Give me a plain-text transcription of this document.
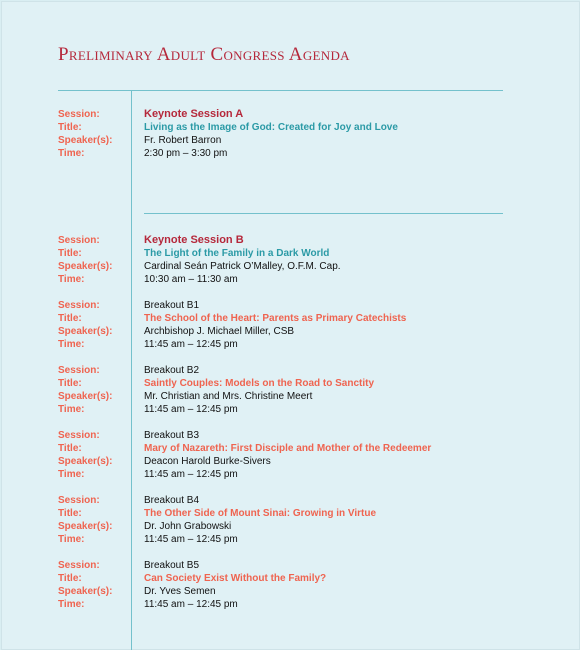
Preliminary Adult Congress Agenda
Session:	Keynote Session A
Title:	Living as the Image of God: Created for Joy and Love
Speaker(s):	Fr. Robert Barron
Time:	2:30 pm – 3:30 pm
Session:	Keynote Session B
Title:	The Light of the Family in a Dark World
Speaker(s):	Cardinal Seán Patrick O’Malley, O.F.M. Cap.
Time:	10:30 am – 11:30 am
Session:	Breakout B1
Title:	The School of the Heart: Parents as Primary Catechists
Speaker(s):	Archbishop J. Michael Miller, CSB
Time:	11:45 am – 12:45 pm
Session:	Breakout B2
Title:	Saintly Couples: Models on the Road to Sanctity
Speaker(s):	Mr. Christian and Mrs. Christine Meert
Time:	11:45 am – 12:45 pm
Session:	Breakout B3
Title:	Mary of Nazareth: First Disciple and Mother of the Redeemer
Speaker(s):	Deacon Harold Burke-Sivers
Time:	11:45 am – 12:45 pm
Session:	Breakout B4
Title:	The Other Side of Mount Sinai: Growing in Virtue
Speaker(s):	Dr. John Grabowski
Time:	11:45 am – 12:45 pm
Session:	Breakout B5
Title:	Can Society Exist Without the Family?
Speaker(s):	Dr. Yves Semen
Time:	11:45 am – 12:45 pm
